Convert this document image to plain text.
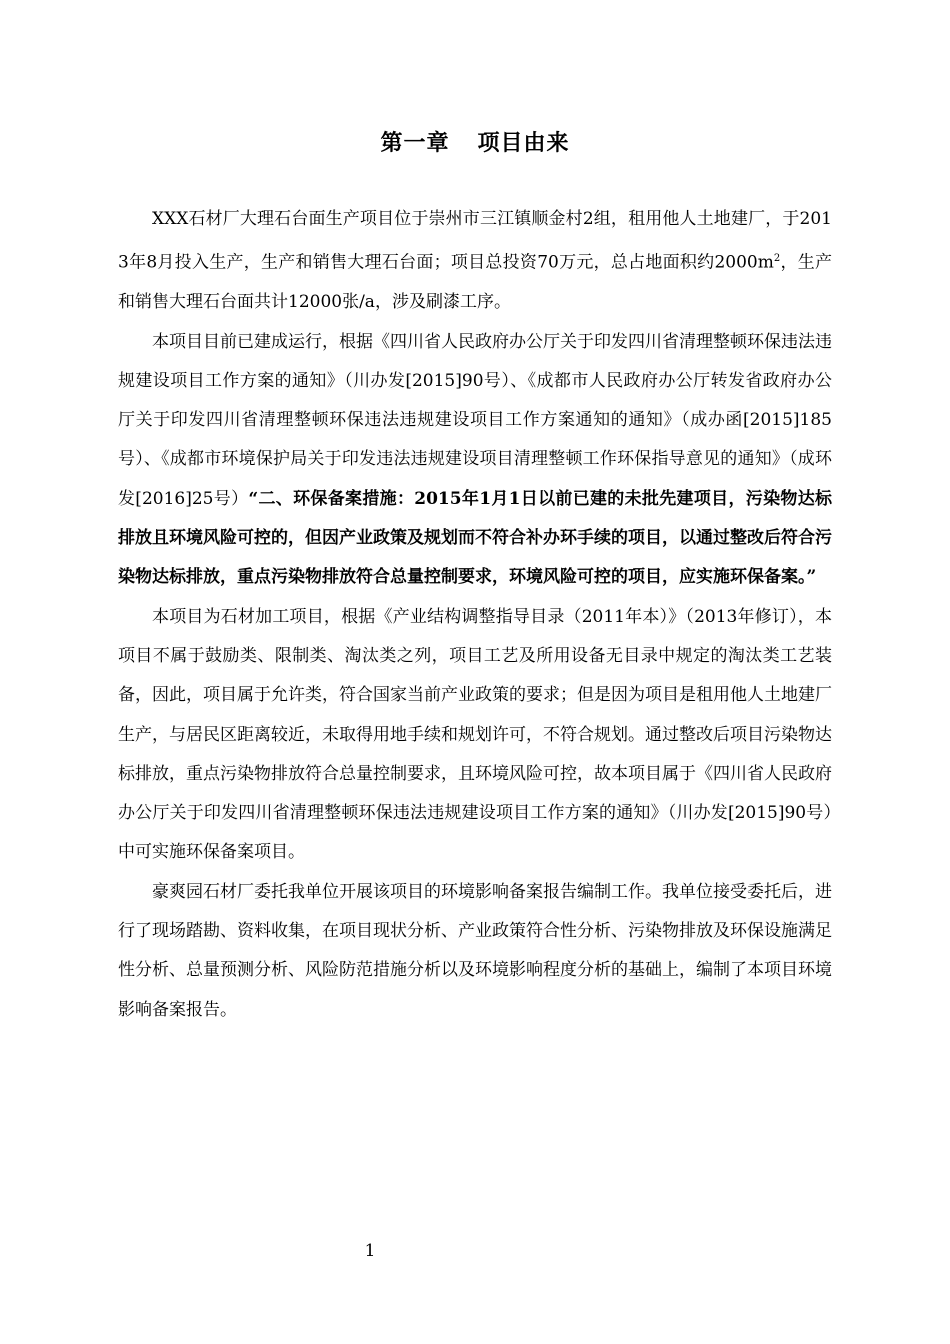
第一章 项目由来

XXX石材厂大理石台面生产项目位于崇州市三江镇顺金村2组，租用他人土地建厂，于2013年8月投入生产，生产和销售大理石台面；项目总投资70万元，总占地面积约$2000m^2$，生产和销售大理石台面共计12000张/a，涉及刷漆工序。

本项目目前已建成运行，根据《四川省人民政府办公厅关于印发四川省清理整顿环保违法违规建设项目工作方案的通知》（川办发[2015]90号）、《成都市人民政府办公厅转发省政府办公厅关于印发四川省清理整顿环保违法违规建设项目工作方案通知的通知》（成办函[2015]185号）、《成都市环境保护局关于印发违法违规建设项目清理整顿工作环保指导意见的通知》（成环发[2016]25号）“二、环保备案措施：2015年1月1日以前已建的未批先建项目，污染物达标排放且环境风险可控的，但因产业政策及规划而不符合补办环手续的项目，以通过整改后符合污染物达标排放，重点污染物排放符合总量控制要求，环境风险可控的项目，应实施环保备案。”

本项目为石材加工项目，根据《产业结构调整指导目录（2011年本）》（2013年修订），本项目不属于鼓励类、限制类、淘汰类之列，项目工艺及所用设备无目录中规定的淘汰类工艺装备，因此，项目属于允许类，符合国家当前产业政策的要求；但是因为项目是租用他人土地建厂生产，与居民区距离较近，未取得用地手续和规划许可，不符合规划。通过整改后项目污染物达标排放，重点污染物排放符合总量控制要求，且环境风险可控，故本项目属于《四川省人民政府办公厅关于印发四川省清理整顿环保违法违规建设项目工作方案的通知》（川办发[2015]90号）中可实施环保备案项目。

豪爽园石材厂委托我单位开展该项目的环境影响备案报告编制工作。我单位接受委托后，进行了现场踏勘、资料收集，在项目现状分析、产业政策符合性分析、污染物排放及环保设施满足性分析、总量预测分析、风险防范措施分析以及环境影响程度分析的基础上，编制了本项目环境影响备案报告。

1
